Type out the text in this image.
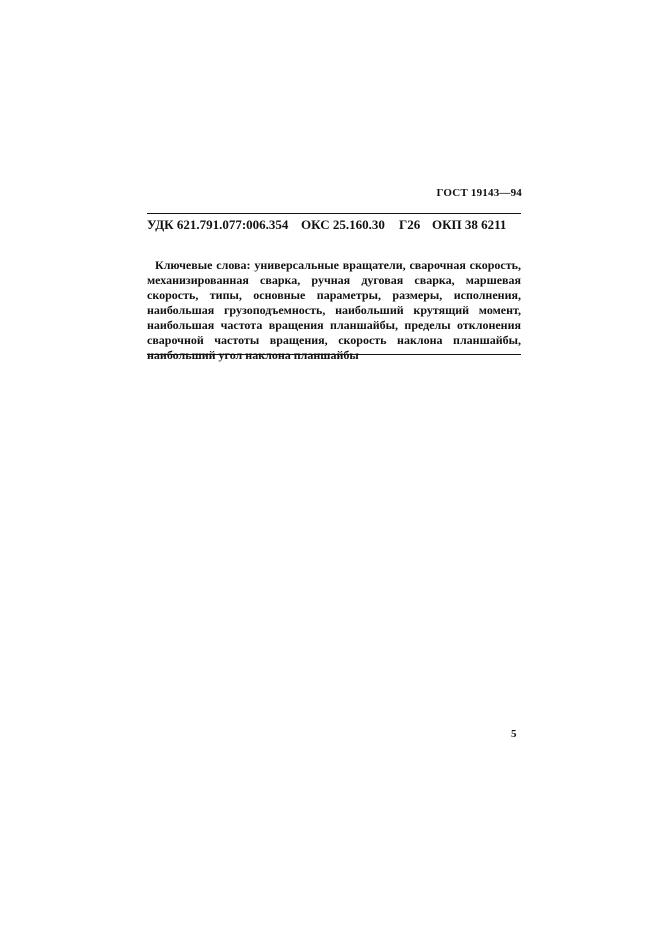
ГОСТ 19143—94
УДК 621.791.077:006.354 ОКС 25.160.30 Г26 ОКП 38 6211

Ключевые слова: универсальные вращатели, сварочная скорость, механизированная сварка, ручная дуговая сварка, маршевая скорость, типы, основные параметры, размеры, исполнения, наибольшая грузоподъемность, наибольший крутящий момент, наибольшая частота вращения планшайбы, пределы отклонения сварочной частоты вращения, скорость наклона планшайбы, наибольший угол наклона планшайбы

5
